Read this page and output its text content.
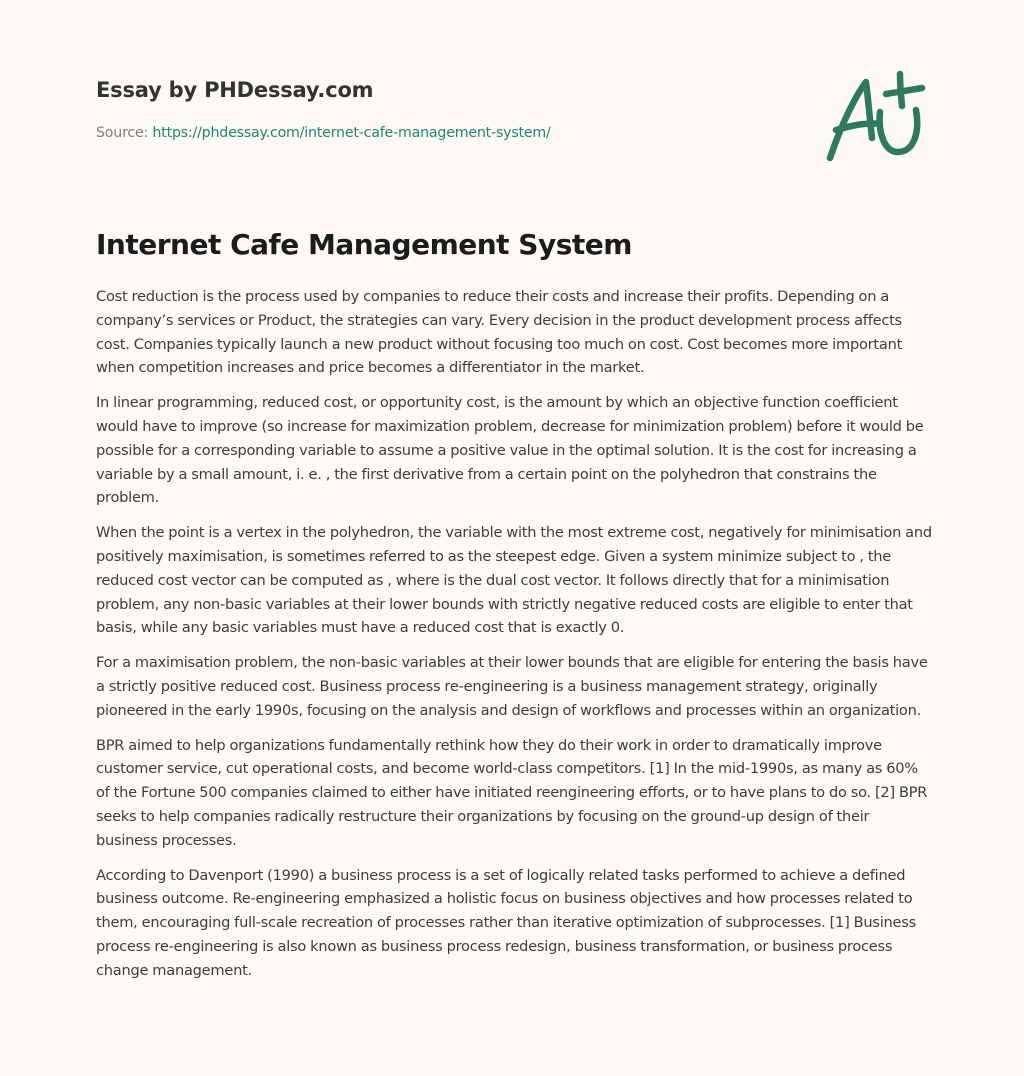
Essay by PHDessay.com
Source: https://phdessay.com/internet-cafe-management-system/
Internet Cafe Management System

Cost reduction is the process used by companies to reduce their costs and increase their profits. Depending on a company’s services or Product, the strategies can vary. Every decision in the product development process affects cost. Companies typically launch a new product without focusing too much on cost. Cost becomes more important when competition increases and price becomes a differentiator in the market.

In linear programming, reduced cost, or opportunity cost, is the amount by which an objective function coefficient would have to improve (so increase for maximization problem, decrease for minimization problem) before it would be possible for a corresponding variable to assume a positive value in the optimal solution. It is the cost for increasing a variable by a small amount, i. e. , the first derivative from a certain point on the polyhedron that constrains the problem.

When the point is a vertex in the polyhedron, the variable with the most extreme cost, negatively for minimisation and positively maximisation, is sometimes referred to as the steepest edge. Given a system minimize subject to , the reduced cost vector can be computed as , where is the dual cost vector. It follows directly that for a minimisation problem, any non-basic variables at their lower bounds with strictly negative reduced costs are eligible to enter that basis, while any basic variables must have a reduced cost that is exactly 0.

For a maximisation problem, the non-basic variables at their lower bounds that are eligible for entering the basis have a strictly positive reduced cost. Business process re-engineering is a business management strategy, originally pioneered in the early 1990s, focusing on the analysis and design of workflows and processes within an organization.

BPR aimed to help organizations fundamentally rethink how they do their work in order to dramatically improve customer service, cut operational costs, and become world-class competitors. [1] In the mid-1990s, as many as 60% of the Fortune 500 companies claimed to either have initiated reengineering efforts, or to have plans to do so. [2] BPR seeks to help companies radically restructure their organizations by focusing on the ground-up design of their business processes.

According to Davenport (1990) a business process is a set of logically related tasks performed to achieve a defined business outcome. Re-engineering emphasized a holistic focus on business objectives and how processes related to them, encouraging full-scale recreation of processes rather than iterative optimization of subprocesses. [1] Business process re-engineering is also known as business process redesign, business transformation, or business process change management.
